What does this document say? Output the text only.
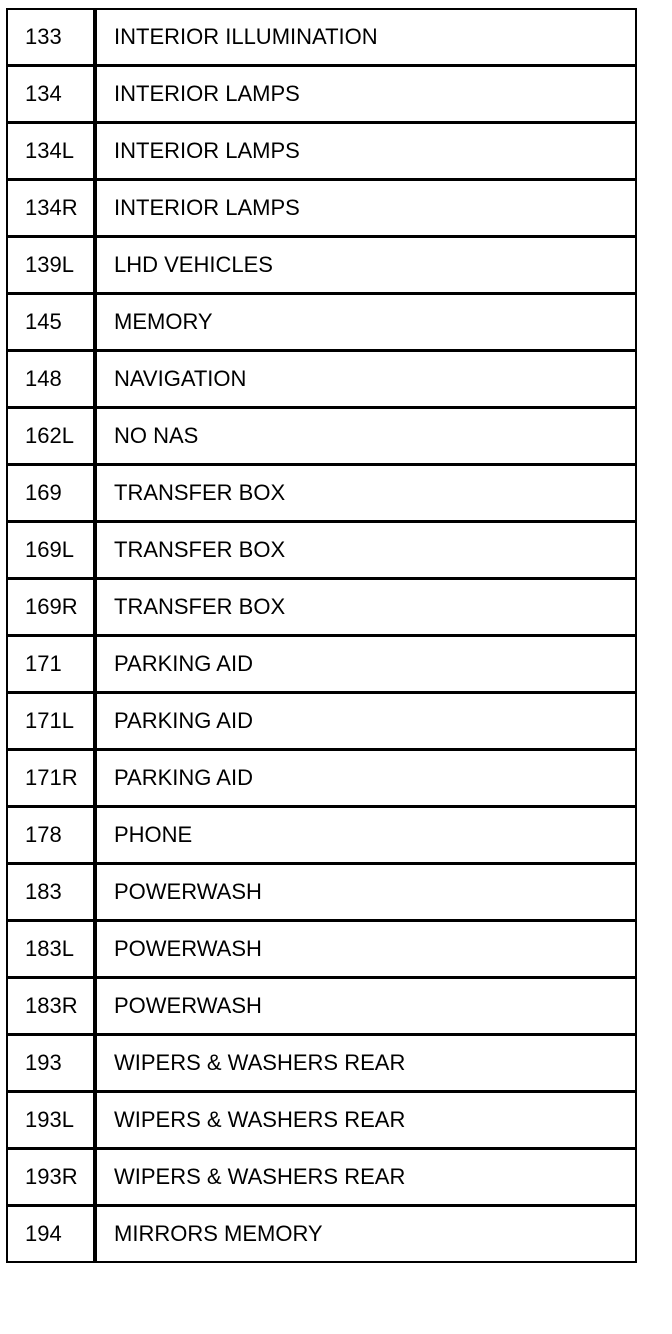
133	INTERIOR ILLUMINATION
134	INTERIOR LAMPS
134L	INTERIOR LAMPS
134R	INTERIOR LAMPS
139L	LHD VEHICLES
145	MEMORY
148	NAVIGATION
162L	NO NAS
169	TRANSFER BOX
169L	TRANSFER BOX
169R	TRANSFER BOX
171	PARKING AID
171L	PARKING AID
171R	PARKING AID
178	PHONE
183	POWERWASH
183L	POWERWASH
183R	POWERWASH
193	WIPERS & WASHERS REAR
193L	WIPERS & WASHERS REAR
193R	WIPERS & WASHERS REAR
194	MIRRORS MEMORY
